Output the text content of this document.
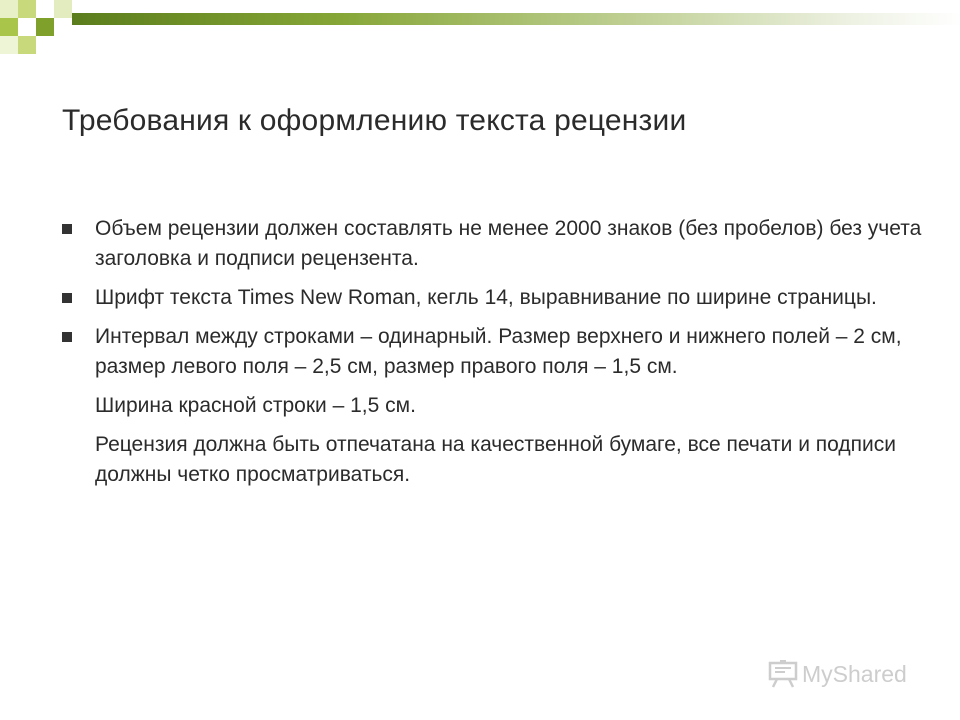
Требования к оформлению текста рецензии

Объем рецензии должен составлять не менее 2000 знаков (без пробелов) без учета заголовка и подписи рецензента.

Шрифт текста Times New Roman, кегль 14, выравнивание по ширине страницы.

Интервал между строками – одинарный. Размер верхнего и нижнего полей – 2 см, размер левого поля – 2,5 см, размер правого поля – 1,5 см.

Ширина красной строки – 1,5 см.

Рецензия должна быть отпечатана на качественной бумаге, все печати и подписи должны четко просматриваться.

MyShared
